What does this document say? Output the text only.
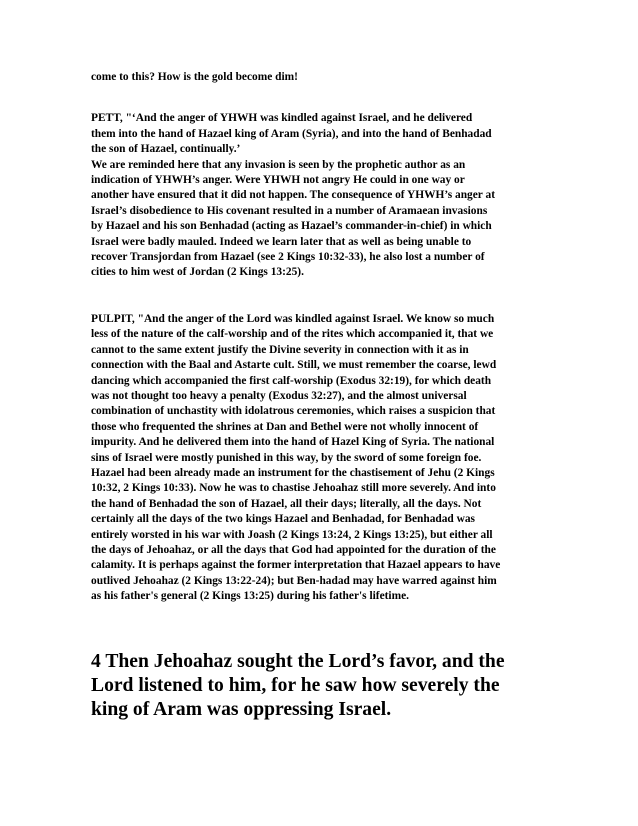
come to this? How is the gold become dim!

PETT, "‘And the anger of YHWH was kindled against Israel, and he delivered
them into the hand of Hazael king of Aram (Syria), and into the hand of Benhadad
the son of Hazael, continually.’
We are reminded here that any invasion is seen by the prophetic author as an
indication of YHWH’s anger. Were YHWH not angry He could in one way or
another have ensured that it did not happen. The consequence of YHWH’s anger at
Israel’s disobedience to His covenant resulted in a number of Aramaean invasions
by Hazael and his son Benhadad (acting as Hazael’s commander-in-chief) in which
Israel were badly mauled. Indeed we learn later that as well as being unable to
recover Transjordan from Hazael (see 2 Kings 10:32-33), he also lost a number of
cities to him west of Jordan (2 Kings 13:25).

PULPIT, "And the anger of the Lord was kindled against Israel. We know so much
less of the nature of the calf-worship and of the rites which accompanied it, that we
cannot to the same extent justify the Divine severity in connection with it as in
connection with the Baal and Astarte cult. Still, we must remember the coarse, lewd
dancing which accompanied the first calf-worship (Exodus 32:19), for which death
was not thought too heavy a penalty (Exodus 32:27), and the almost universal
combination of unchastity with idolatrous ceremonies, which raises a suspicion that
those who frequented the shrines at Dan and Bethel were not wholly innocent of
impurity. And he delivered them into the hand of Hazel King of Syria. The national
sins of Israel were mostly punished in this way, by the sword of some foreign foe.
Hazael had been already made an instrument for the chastisement of Jehu (2 Kings
10:32, 2 Kings 10:33). Now he was to chastise Jehoahaz still more severely. And into
the hand of Benhadad the son of Hazael, all their days; literally, all the days. Not
certainly all the days of the two kings Hazael and Benhadad, for Benhadad was
entirely worsted in his war with Joash (2 Kings 13:24, 2 Kings 13:25), but either all
the days of Jehoahaz, or all the days that God had appointed for the duration of the
calamity. It is perhaps against the former interpretation that Hazael appears to have
outlived Jehoahaz (2 Kings 13:22-24); but Ben-hadad may have warred against him
as his father's general (2 Kings 13:25) during his father's lifetime.

4 Then Jehoahaz sought the Lord’s favor, and the
Lord listened to him, for he saw how severely the
king of Aram was oppressing Israel.
